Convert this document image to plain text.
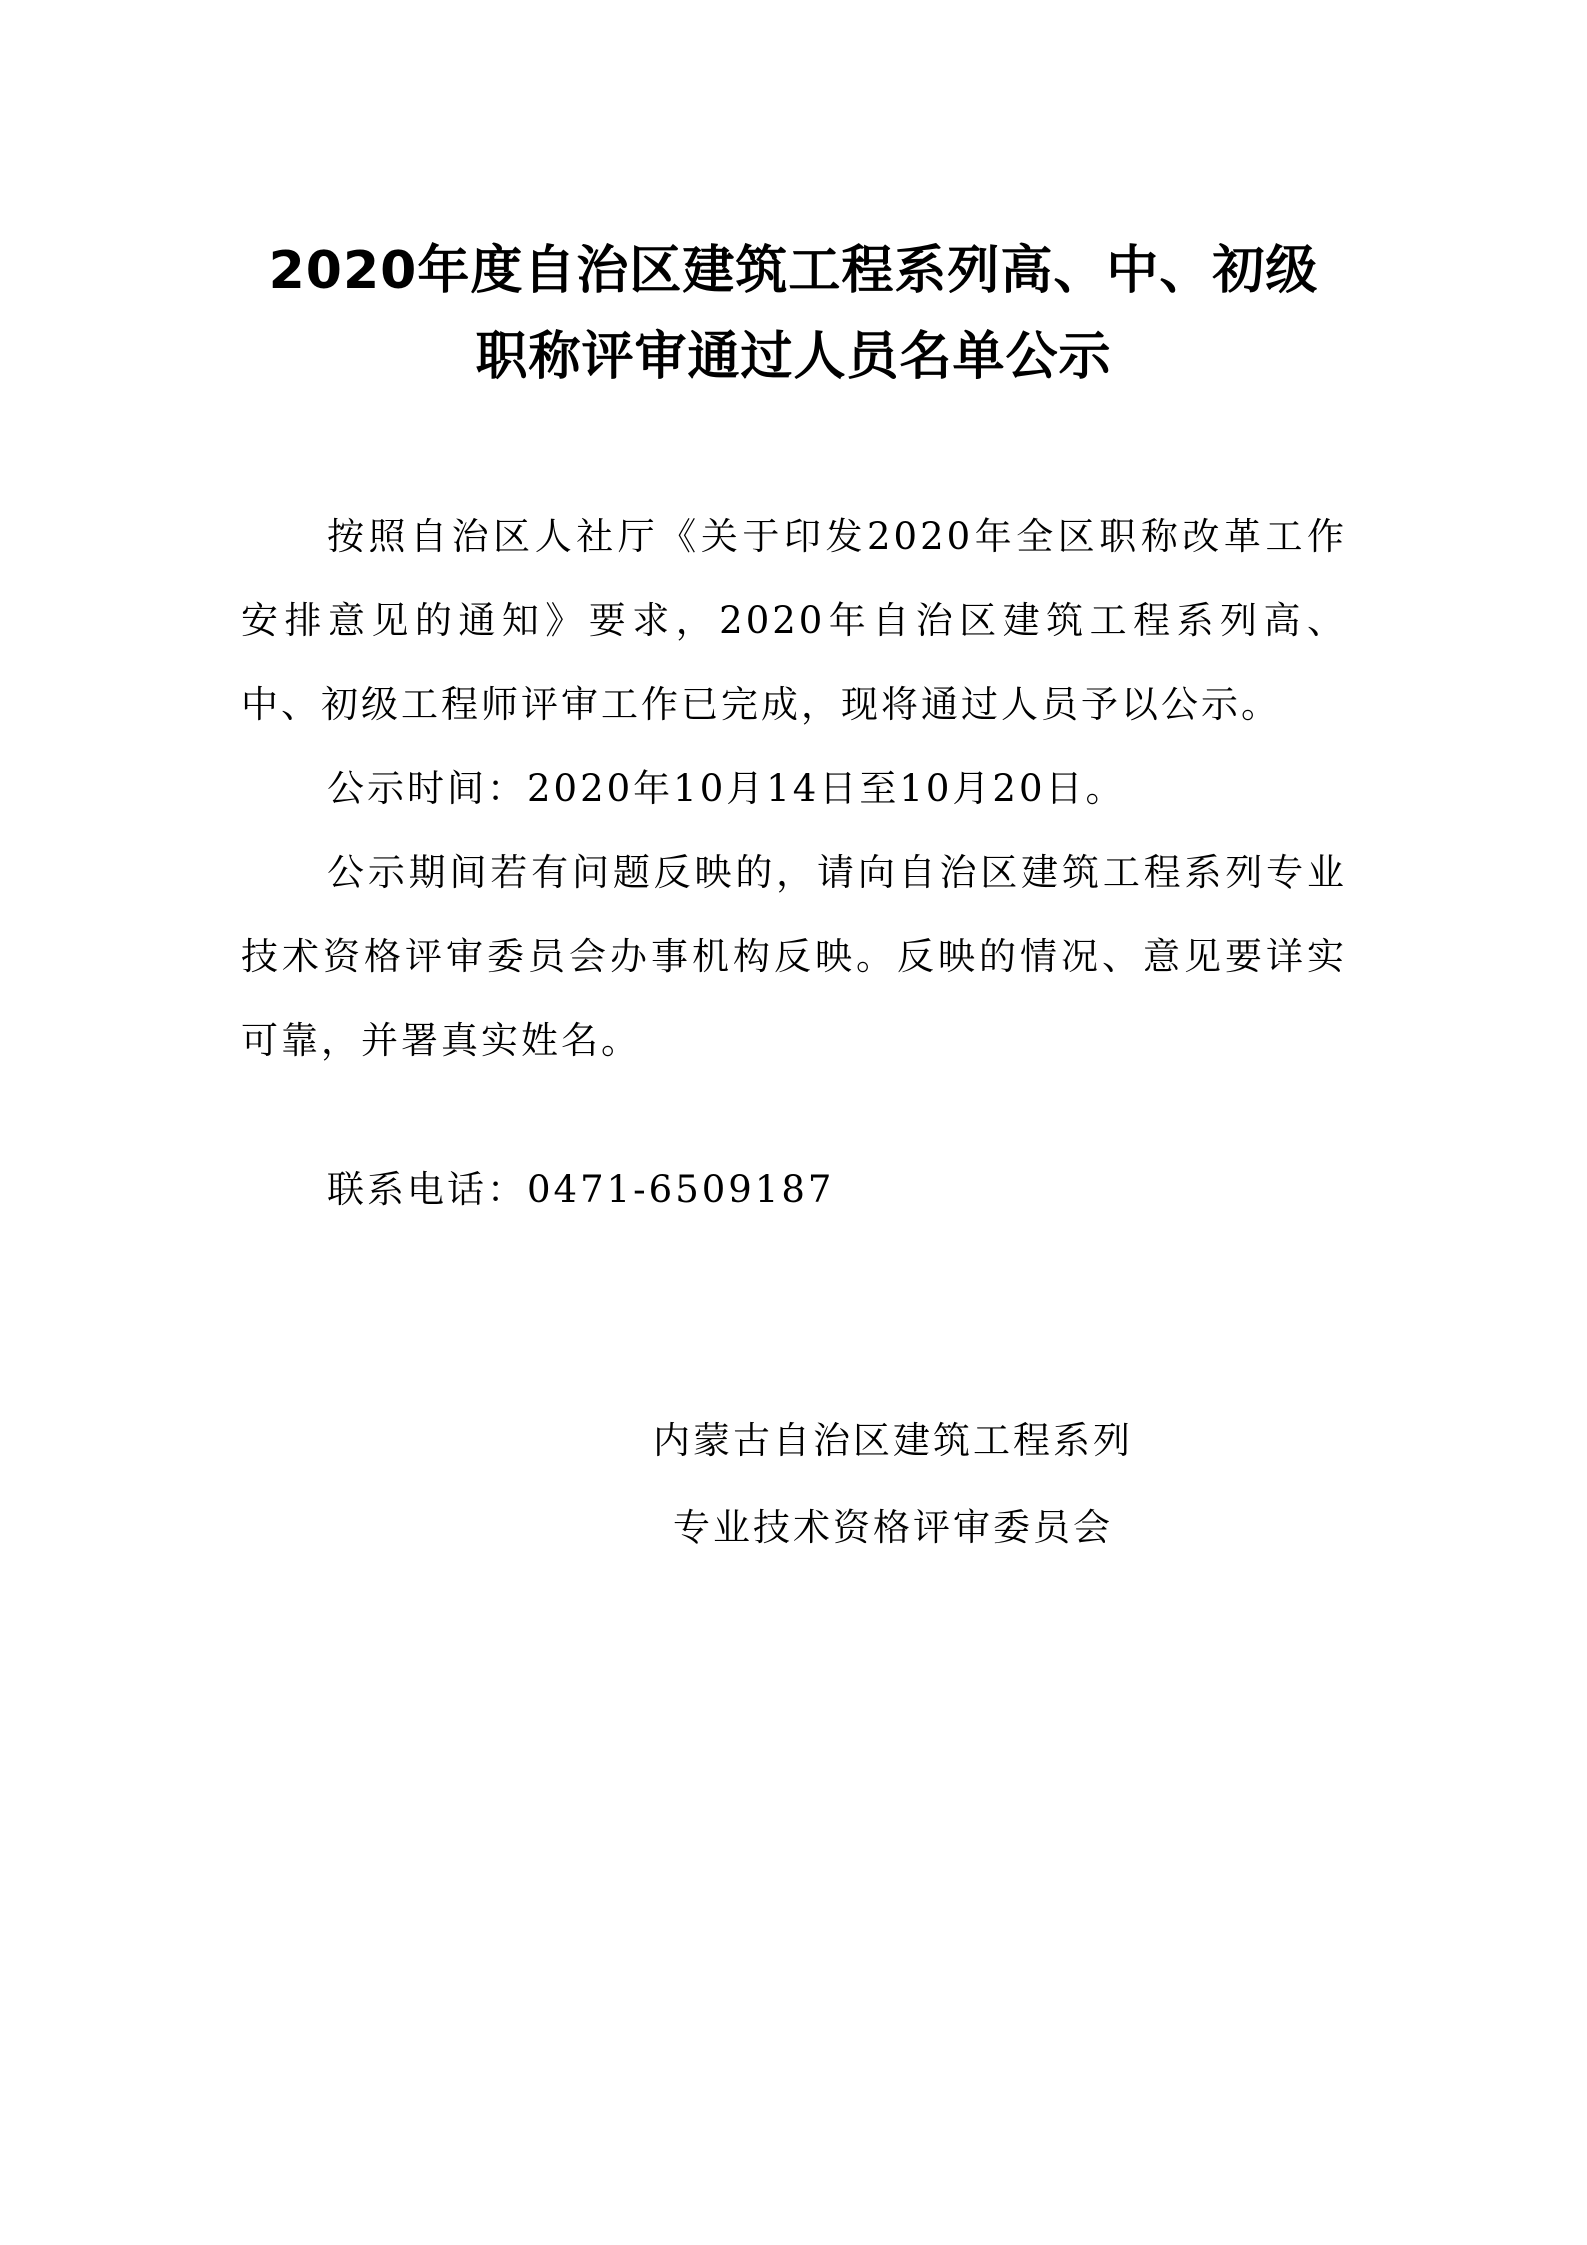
2020年度自治区建筑工程系列高、中、初级
职称评审通过人员名单公示

按照自治区人社厅《关于印发2020年全区职称改革工作安排意见的通知》要求，2020年自治区建筑工程系列高、中、初级工程师评审工作已完成，现将通过人员予以公示。

公示时间：2020年10月14日至10月20日。

公示期间若有问题反映的，请向自治区建筑工程系列专业技术资格评审委员会办事机构反映。反映的情况、意见要详实可靠，并署真实姓名。

联系电话：0471-6509187
内蒙古自治区建筑工程系列
专业技术资格评审委员会
